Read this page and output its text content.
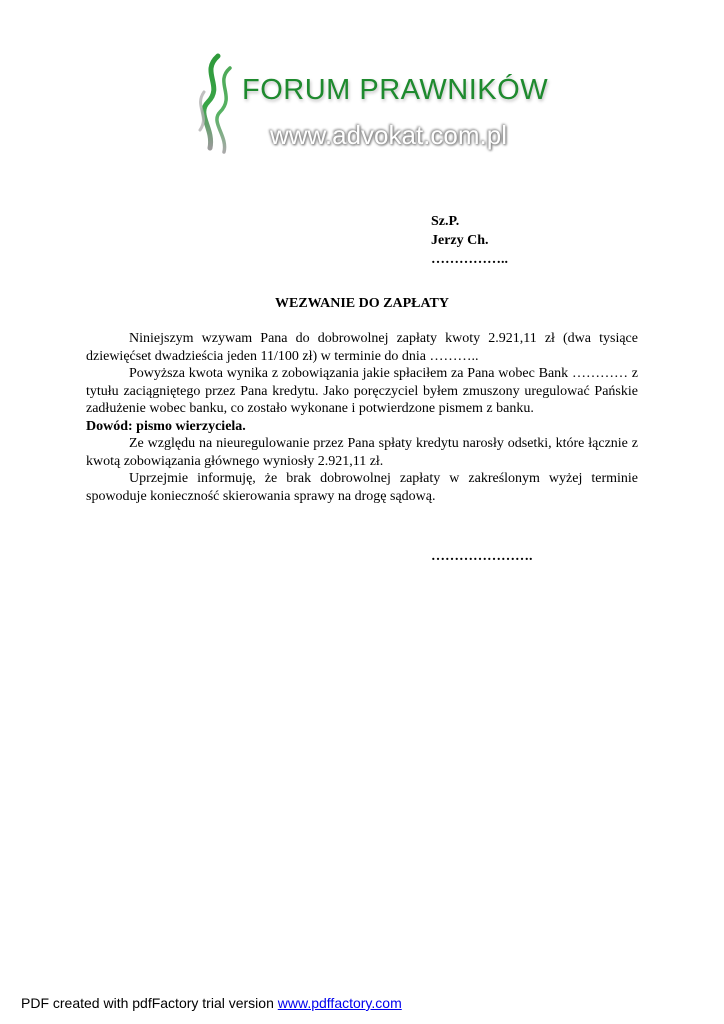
FORUM PRAWNIKÓW
www.advokat.com.pl
Sz.P.
Jerzy Ch.
……………..
WEZWANIE DO ZAPŁATY

Niniejszym wzywam Pana do dobrowolnej zapłaty kwoty 2.921,11 zł (dwa tysiące dziewięćset dwadzieścia jeden 11/100 zł) w terminie do dnia ………..

Powyższa kwota wynika z zobowiązania jakie spłaciłem za Pana wobec Bank ………… z tytułu zaciągniętego przez Pana kredytu. Jako poręczyciel byłem zmuszony uregulować Pańskie zadłużenie wobec banku, co zostało wykonane i potwierdzone pismem z banku.

Dowód: pismo wierzyciela.

Ze względu na nieuregulowanie przez Pana spłaty kredytu narosły odsetki, które łącznie z kwotą zobowiązania głównego wyniosły 2.921,11 zł.

Uprzejmie informuję, że brak dobrowolnej zapłaty w zakreślonym wyżej terminie spowoduje konieczność skierowania sprawy na drogę sądową.

………………….
PDF created with pdfFactory trial version www.pdffactory.com
